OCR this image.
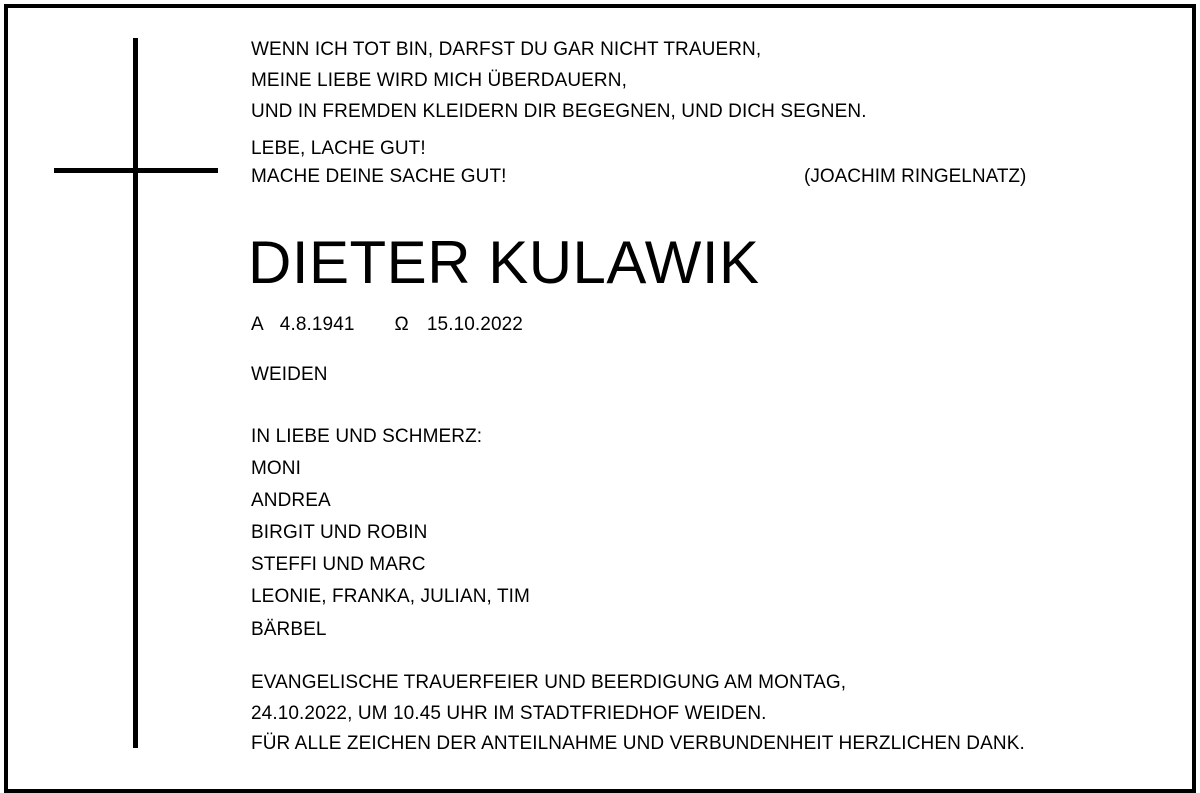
WENN ICH TOT BIN, DARFST DU GAR NICHT TRAUERN,
MEINE LIEBE WIRD MICH ÜBERDAUERN,
UND IN FREMDEN KLEIDERN DIR BEGEGNEN, UND DICH SEGNEN.
LEBE, LACHE GUT!
MACHE DEINE SACHE GUT!	(JOACHIM RINGELNATZ)
DIETER KULAWIK
A 4.8.1941 Ω 15.10.2022
WEIDEN
IN LIEBE UND SCHMERZ:
MONI
ANDREA
BIRGIT UND ROBIN
STEFFI UND MARC
LEONIE, FRANKA, JULIAN, TIM
BÄRBEL
EVANGELISCHE TRAUERFEIER UND BEERDIGUNG AM MONTAG,
24.10.2022, UM 10.45 UHR IM STADTFRIEDHOF WEIDEN.
FÜR ALLE ZEICHEN DER ANTEILNAHME UND VERBUNDENHEIT HERZLICHEN DANK.
